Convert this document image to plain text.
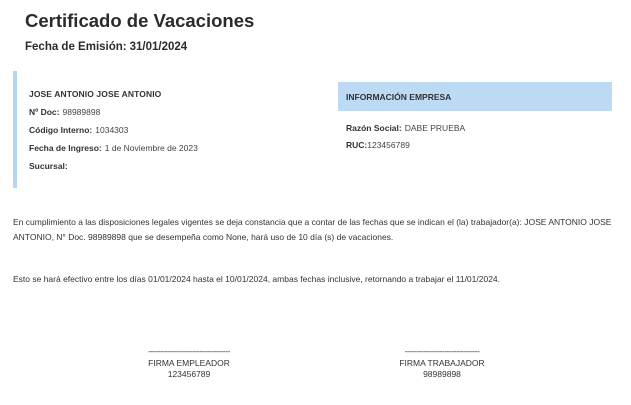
Certificado de Vacaciones
Fecha de Emisión: 31/01/2024
JOSE ANTONIO JOSE ANTONIO
Nº Doc: 98989898
Código Interno: 1034303
Fecha de Ingreso: 1 de Noviembre de 2023
Sucursal:
INFORMACIÓN EMPRESA
Razón Social: DABE PRUEBA
RUC:123456789
En cumplimiento a las disposiciones legales vigentes se deja constancia que a contar de las fechas que se indican el (la) trabajador(a): JOSE ANTONIO JOSE ANTONIO, N° Doc. 98989898 que se desempeña como None, hará uso de 10 día (s) de vacaciones.
Esto se hará efectivo entre los días 01/01/2024 hasta el 10/01/2024, ambas fechas inclusive, retornando a trabajar el 11/01/2024.
-----------------------------------
FIRMA EMPLEADOR
123456789
--------------------------------
FIRMA TRABAJADOR
98989898
